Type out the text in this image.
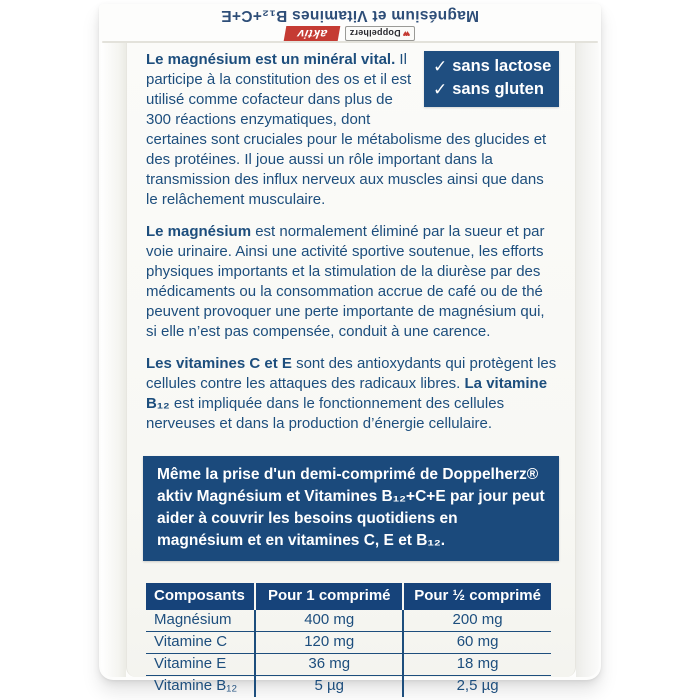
♥♥
Doppelherz
aktiv
Magnésium et Vitamines B₁₂+C+E
✓ sans lactose
✓ sans gluten

Le magnésium est un minéral vital. Il participe à la constitution des os et il est utilisé comme cofacteur dans plus de 300 réactions enzymatiques, dont certaines sont cruciales pour le métabolisme des glucides et des protéines. Il joue aussi un rôle important dans la transmission des influx nerveux aux muscles ainsi que dans le relâchement musculaire.

Le magnésium est normalement éliminé par la sueur et par voie urinaire. Ainsi une activité sportive soutenue, les efforts physiques importants et la stimulation de la diurèse par des médicaments ou la consommation accrue de café ou de thé peuvent provoquer une perte importante de magnésium qui, si elle n’est pas compensée, conduit à une carence.

Les vitamines C et E sont des antioxydants qui protègent les cellules contre les attaques des radicaux libres. La vitamine B₁₂ est impliquée dans le fonctionnement des cellules nerveuses et dans la production d’énergie cellulaire.

Même la prise d'un demi-comprimé de Doppelherz® aktiv Magnésium et Vitamines B₁₂+C+E par jour peut aider à couvrir les besoins quotidiens en magnésium et en vitamines C, E et B₁₂.
Composants	Pour 1 comprimé	Pour ½ comprimé
Magnésium	400 mg	200 mg
Vitamine C	120 mg	60 mg
Vitamine E	36 mg	18 mg
Vitamine B₁₂	5 µg	2,5 µg
